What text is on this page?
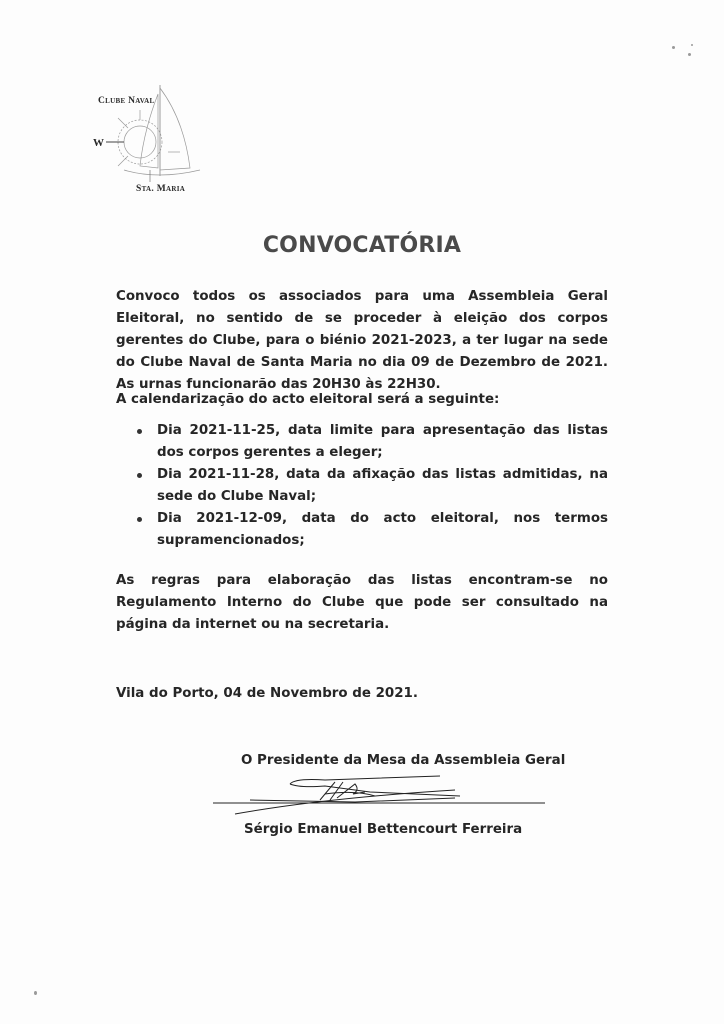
Clube Naval
W
Sta. Maria
CONVOCATÓRIA
Convoco todos os associados para uma Assembleia Geral Eleitoral, no sentido de se proceder à eleição dos corpos gerentes do Clube, para o biénio 2021-2023, a ter lugar na sede do Clube Naval de Santa Maria no dia 09 de Dezembro de 2021. As urnas funcionarão das 20H30 às 22H30.
A calendarização do acto eleitoral será a seguinte:
Dia 2021-11-25, data limite para apresentação das listas dos corpos gerentes a eleger;
Dia 2021-11-28, data da afixação das listas admitidas, na sede do Clube Naval;
Dia 2021-12-09, data do acto eleitoral, nos termos supramencionados;
As regras para elaboração das listas encontram-se no Regulamento Interno do Clube que pode ser consultado na página da internet ou na secretaria.
Vila do Porto, 04 de Novembro de 2021.
O Presidente da Mesa da Assembleia Geral
Sérgio Emanuel Bettencourt Ferreira
